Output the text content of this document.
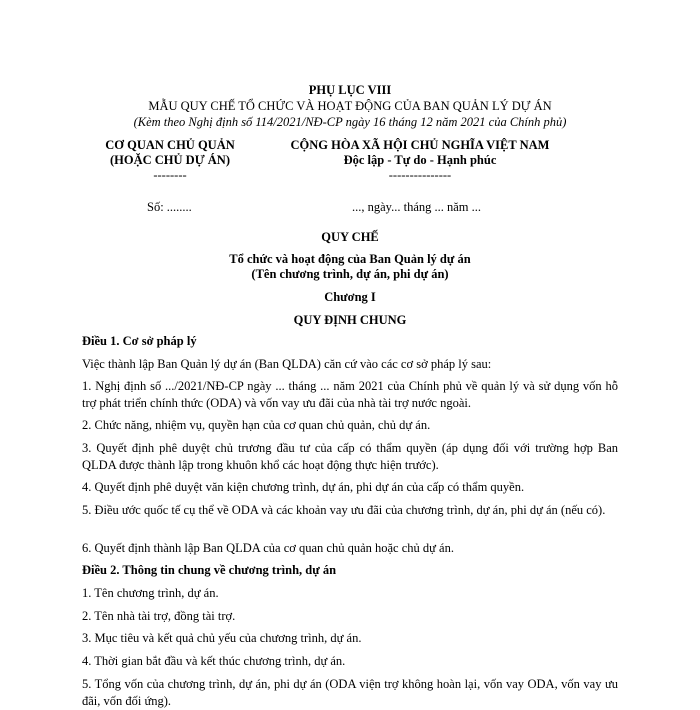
PHỤ LỤC VIII
MẪU QUY CHẾ TỔ CHỨC VÀ HOẠT ĐỘNG CỦA BAN QUẢN LÝ DỰ ÁN
(Kèm theo Nghị định số 114/2021/NĐ-CP ngày 16 tháng 12 năm 2021 của Chính phủ)
CƠ QUAN CHỦ QUẢN
(HOẶC CHỦ DỰ ÁN)
--------
CỘNG HÒA XÃ HỘI CHỦ NGHĨA VIỆT NAM
Độc lập - Tự do - Hạnh phúc
---------------
Số: ........	..., ngày... tháng ... năm ...
QUY CHẾ
Tổ chức và hoạt động của Ban Quản lý dự án
(Tên chương trình, dự án, phi dự án)
Chương I
QUY ĐỊNH CHUNG
Điều 1. Cơ sở pháp lý
Việc thành lập Ban Quản lý dự án (Ban QLDA) căn cứ vào các cơ sở pháp lý sau:
1. Nghị định số .../2021/NĐ-CP ngày ... tháng ... năm 2021 của Chính phủ về quản lý và sử dụng vốn hỗ trợ phát triển chính thức (ODA) và vốn vay ưu đãi của nhà tài trợ nước ngoài.
2. Chức năng, nhiệm vụ, quyền hạn của cơ quan chủ quản, chủ dự án.
3. Quyết định phê duyệt chủ trương đầu tư của cấp có thẩm quyền (áp dụng đối với trường hợp Ban QLDA được thành lập trong khuôn khổ các hoạt động thực hiện trước).
4. Quyết định phê duyệt văn kiện chương trình, dự án, phi dự án của cấp có thẩm quyền.
5. Điều ước quốc tế cụ thể về ODA và các khoản vay ưu đãi của chương trình, dự án, phi dự án (nếu có).
6. Quyết định thành lập Ban QLDA của cơ quan chủ quản hoặc chủ dự án.
Điều 2. Thông tin chung về chương trình, dự án
1. Tên chương trình, dự án.
2. Tên nhà tài trợ, đồng tài trợ.
3. Mục tiêu và kết quả chủ yếu của chương trình, dự án.
4. Thời gian bắt đầu và kết thúc chương trình, dự án.
5. Tổng vốn của chương trình, dự án, phi dự án (ODA viện trợ không hoàn lại, vốn vay ODA, vốn vay ưu đãi, vốn đối ứng).
